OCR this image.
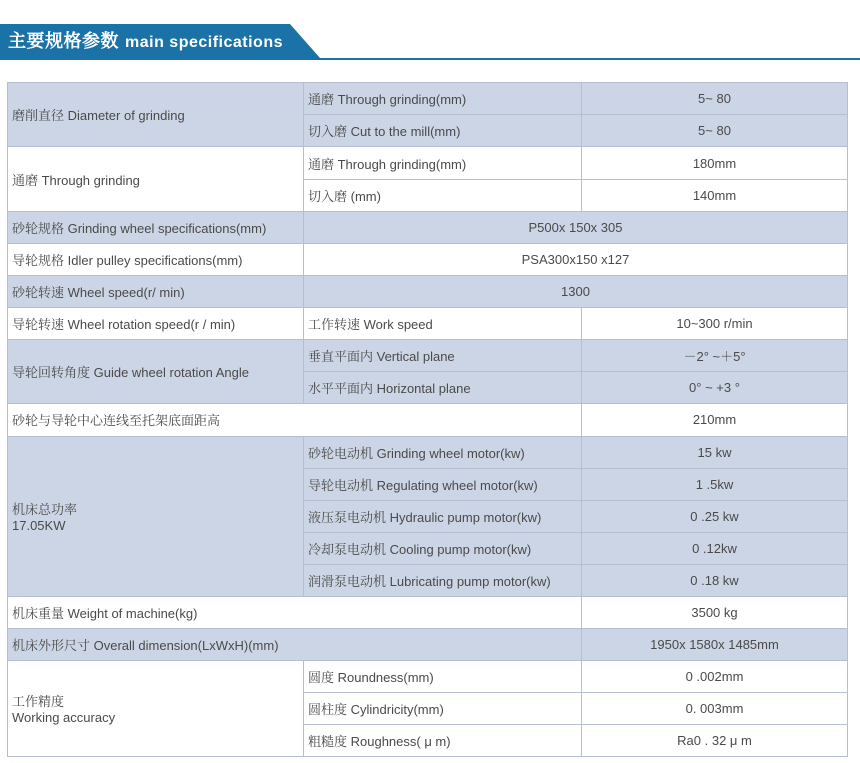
主要规格参数 main specifications
磨削直径 Diameter of grinding	通磨 Through grinding(mm)	5~ 80
	切入磨 Cut to the mill(mm)	5~ 80
通磨 Through grinding	通磨 Through grinding(mm)	180mm
	切入磨 (mm)	140mm
砂轮规格 Grinding wheel specifications(mm)	P500x 150x 305	
导轮规格 Idler pulley specifications(mm)	PSA300x150 x127	
砂轮转速 Wheel speed(r/ min)	1300	
导轮转速 Wheel rotation speed(r / min)	工作转速 Work speed	10~300 r/min
导轮回转角度 Guide wheel rotation Angle	垂直平面内 Vertical plane	－2° ~＋5°
	水平平面内 Horizontal plane	0° ~ +3 °
砂轮与导轮中心连线至托架底面距高		210mm

机床总功率
17.05KW	砂轮电动机 Grinding wheel motor(kw)	15 kw
	导轮电动机 Regulating wheel motor(kw)	1 .5kw
	液压泵电动机 Hydraulic pump motor(kw)	0 .25 kw
	冷却泵电动机 Cooling pump motor(kw)	0 .12kw
	润滑泵电动机 Lubricating pump motor(kw)	0 .18 kw
机床重量 Weight of machine(kg)		3500 kg
机床外形尺寸 Overall dimension(LxWxH)(mm)		1950x 1580x 1485mm

工作精度
Working accuracy	圆度 Roundness(mm)	0 .002mm
	圆柱度 Cylindricity(mm)	0. 003mm
	粗糙度 Roughness( μ m)	Ra0 . 32 μ m
